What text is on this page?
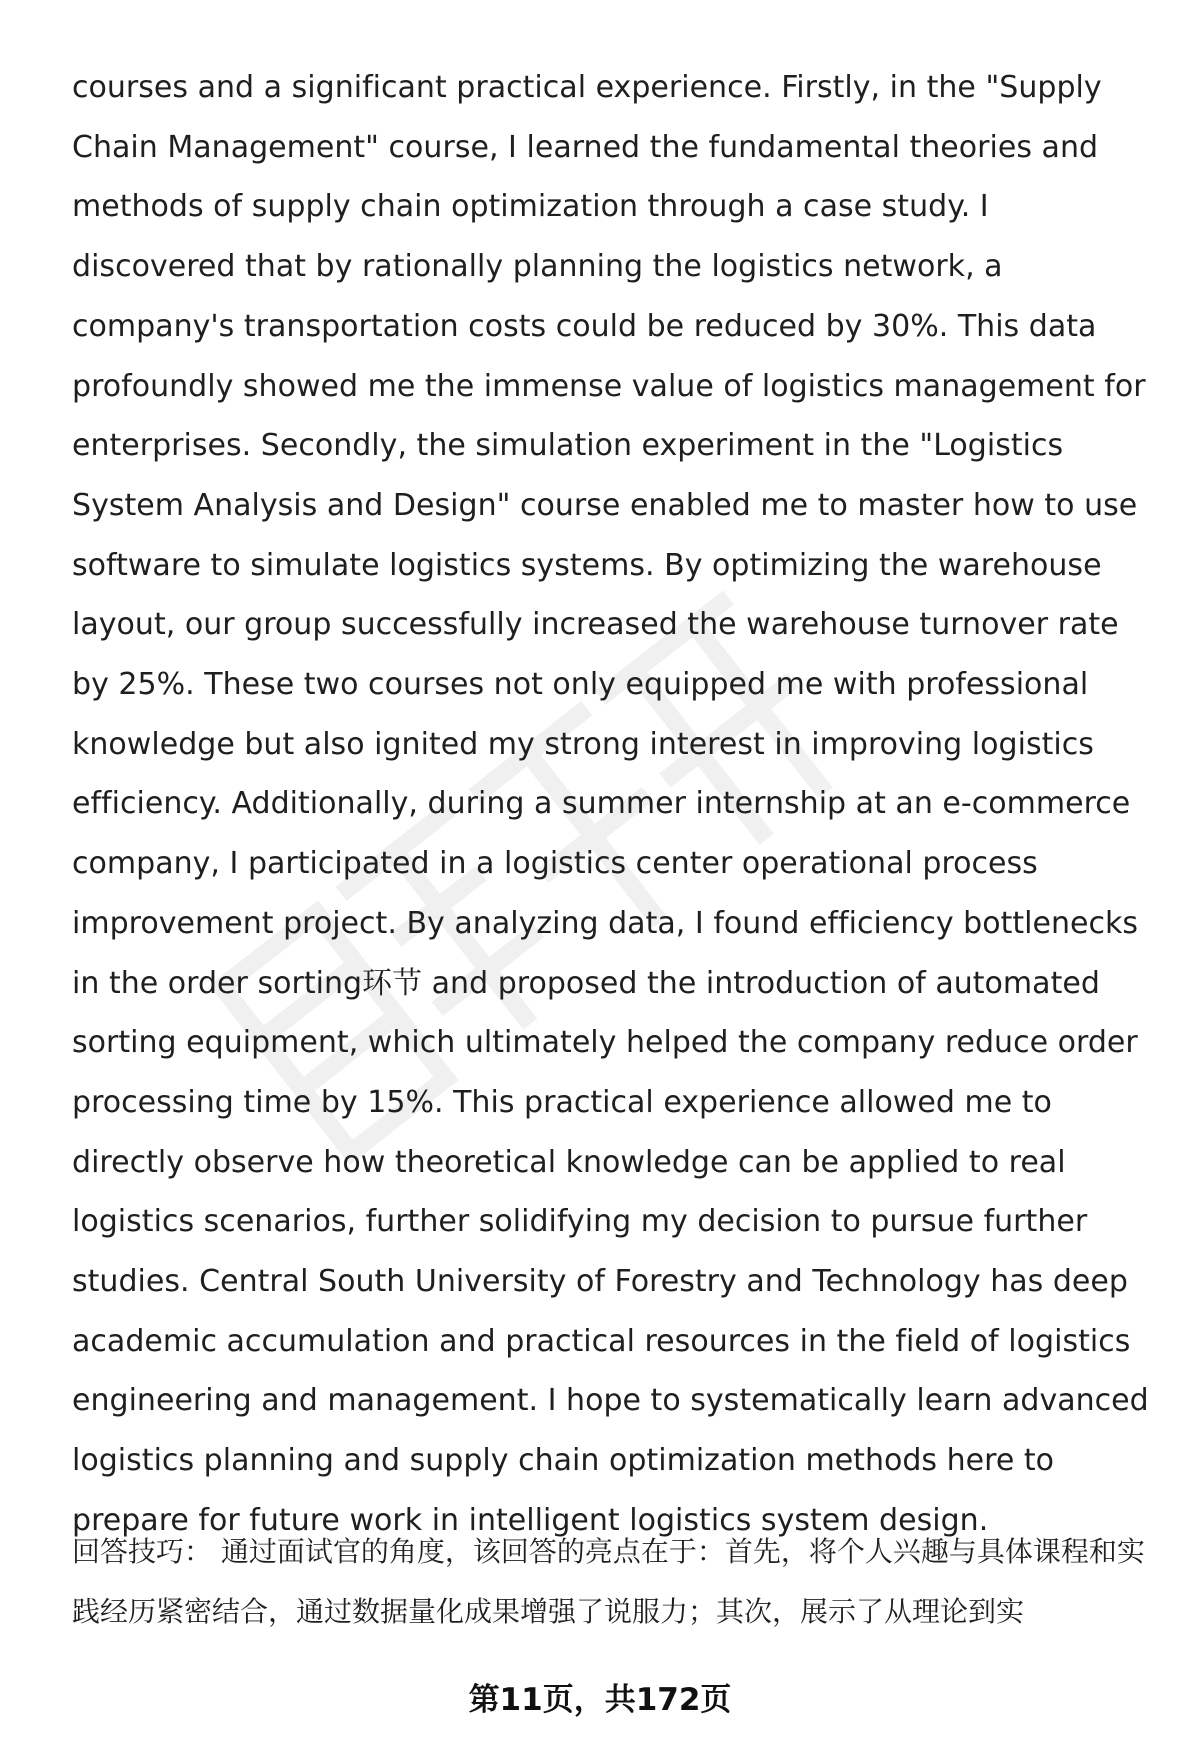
courses and a significant practical experience. Firstly, in the "Supply Chain Management" course, I learned the fundamental theories and methods of supply chain optimization through a case study. I discovered that by rationally planning the logistics network, a company's transportation costs could be reduced by 30%. This data profoundly showed me the immense value of logistics management for enterprises. Secondly, the simulation experiment in the "Logistics System Analysis and Design" course enabled me to master how to use software to simulate logistics systems. By optimizing the warehouse layout, our group successfully increased the warehouse turnover rate by 25%. These two courses not only equipped me with professional knowledge but also ignited my strong interest in improving logistics efficiency. Additionally, during a summer internship at an e-commerce company, I participated in a logistics center operational process improvement project. By analyzing data, I found efficiency bottlenecks in the order sorting环节 and proposed the introduction of automated sorting equipment, which ultimately helped the company reduce order processing time by 15%. This practical experience allowed me to directly observe how theoretical knowledge can be applied to real logistics scenarios, further solidifying my decision to pursue further studies. Central South University of Forestry and Technology has deep academic accumulation and practical resources in the field of logistics engineering and management. I hope to systematically learn advanced logistics planning and supply chain optimization methods here to prepare for future work in intelligent logistics system design.
回答技巧： 通过面试官的角度，该回答的亮点在于：首先，将个人兴趣与具体课程和实践经历紧密结合，通过数据量化成果增强了说服力；其次，展示了从理论到实
第11页，共172页
